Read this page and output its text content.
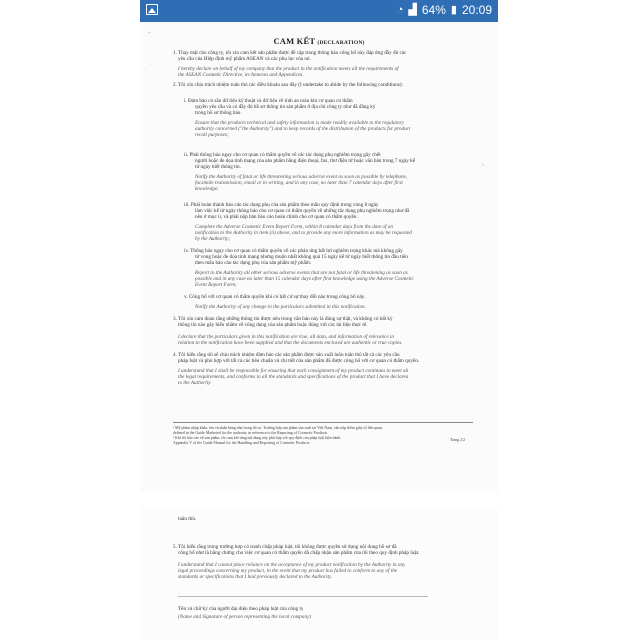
◔ ▟ 64% ▮ 20:09
CAM KẾT (DECLARATION)
⁃
·
›
1. Thay mặt cho công ty, tôi xin cam kết sản phẩm được đề cập trong thông báo công bố này đáp ứng đầy đủ các
yêu cầu của Hiệp định mỹ phẩm ASEAN và các phụ lục của nó.
I hereby declare on behalf of my company that the product in the notification meets all the requirements of
the ASEAN Cosmetic Directive, its Annexes and Appendices.
2. Tôi xin chịu trách nhiệm tuân thủ các điều khoản sau đây (I undertake to abide by the following conditions):
i. Đảm bảo có sẵn dữ liệu kỹ thuật và dữ liệu về tính an toàn khi cơ quan có thẩm
quyền yêu cầu và có đầy đủ hồ sơ thông tin sản phẩm ở địa chỉ công ty như đã đăng ký
trong hồ sơ thông báo.
Ensure that the products technical and safety information is made readily available to the regulatory
authority concerned ("the Authority") and to keep records of the distribution of the products for product
recall purposes;
ii. Phải thông báo ngay cho cơ quan có thẩm quyền về các tác dụng phụ nghiêm trọng gây chết
người hoặc đe dọa tính mạng của sản phẩm bằng điện thoại, fax, thư điện tử hoặc văn bản trong 7 ngày kể
từ ngày biết thông tin.
Notify the Authority of fatal or life threatening serious adverse event as soon as possible by telephone,
facsimile transmission, email or in writing, and in any case, no later than 7 calendar days after first
knowledge;
iii. Phải hoàn thành báo cáo tác dụng phụ của sản phẩm theo mẫu quy định trong vòng 8 ngày
làm việc kể từ ngày thông báo cho cơ quan có thẩm quyền về những tác dụng phụ nghiêm trọng như đã
nêu ở mục ii, và phải nộp bản báo cáo hoàn chỉnh cho cơ quan có thẩm quyền.
Complete the Adverse Cosmetic Event Report Form, within 8 calendar days from the date of an
notification to the Authority in item (ii) above, and to provide any more information as may be requested
by the Authority;
iv. Thông báo ngay cho cơ quan có thẩm quyền về các phản ứng bất lợi nghiêm trọng khác mà không gây
tử vong hoặc đe dọa tính mạng nhưng muộn nhất không quá 15 ngày kể từ ngày biết thông tin đầu tiên
theo mẫu báo cáo tác dụng phụ của sản phẩm mỹ phẩm.
Report to the Authority all other serious adverse events that are not fatal or life threatening as soon as
possible and in any case no later than 15 calendar days after first knowledge using the Adverse Cosmetic
Event Report Form;
v. Công bố với cơ quan có thẩm quyền khi có bất cứ sự thay đổi nào trong công bố này.
Notify the Authority of any change in the particulars submitted in this notification.
3. Tôi xin cam đoan rằng những thông tin được nêu trong văn bản này là đúng sự thật, và không có bất kỳ
thông tin nào gây hiểu nhầm về công dụng của sản phẩm hoặc đúng với các tài liệu thực tế.
I declare that the particulars given in this notification are true, all data, and information of relevance in
relation to the notification have been supplied and that the documents enclosed are authentic or true copies.
4. Tôi hiểu rằng tôi sẽ chịu trách nhiệm đảm bảo các sản phẩm được sản xuất luôn tuân thủ tất cả các yêu cầu
pháp luật và phù hợp với tất cả các tiêu chuẩn và chi tiết của sản phẩm đã được công bố với cơ quan có thẩm quyền.
I understand that I shall be responsible for ensuring that each consignment of my product continues to meet all
the legal requirements, and conforms to all the standards and specifications of the product that I have declared
to the Authority.
¹ Mỹ phẩm nhập khẩu, tên và nhãn hàng như trong hồ sơ. Trường hợp sản phẩm sản xuất tại Việt Nam, cần nộp thêm giấy tờ liên quan.
defined in the Guide Marketed for the authority in reference to the Reporting of Cosmetic Products
² Khi tôi báo cáo về sản phẩm, tôi cam kết rằng nội dung này phù hợp với quy định của pháp luật hiện hành.
Appendix V of the Guide Manual for the Handling and Reporting of Cosmetic Products
Trang 2/2
tuân thủ.
5. Tôi hiểu rằng trong trường hợp có tranh chấp pháp luật, tôi không được quyền sử dụng nội dung hồ sơ đã
công bố như là bằng chứng cho việc cơ quan có thẩm quyền đã chấp nhận sản phẩm của tôi theo quy định pháp luật.
I understand that I cannot place reliance on the acceptance of my product notification by the Authority in any
legal proceedings concerning my product, in the event that my product has failed to conform to any of the
standards or specifications that I had previously declared to the Authority.
Tên và chữ ký của người đại diện theo pháp luật của công ty
(Name and Signature of person representing the local company)
